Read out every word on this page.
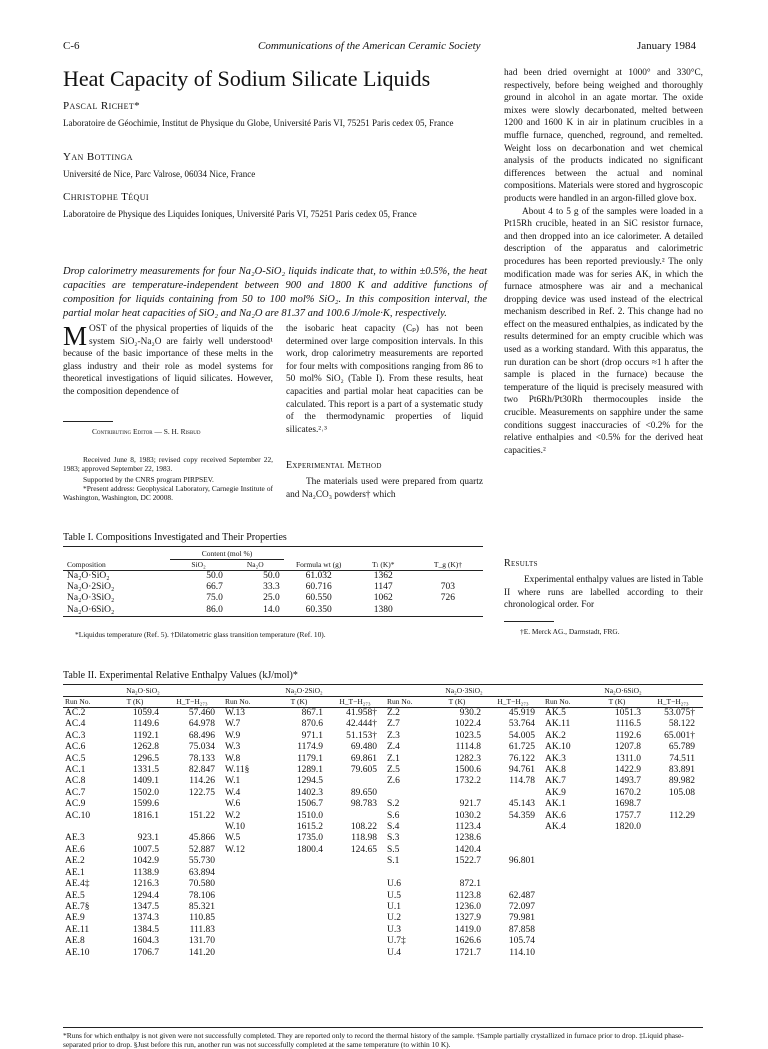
C-6	Communications of the American Ceramic Society	January 1984
Heat Capacity of Sodium Silicate Liquids
Pascal Richet*
Laboratoire de Géochimie, Institut de Physique du Globe, Université Paris VI, 75251 Paris cedex 05, France
Yan Bottinga
Université de Nice, Parc Valrose, 06034 Nice, France
Christophe Téqui
Laboratoire de Physique des Liquides Ioniques, Université Paris VI, 75251 Paris cedex 05, France
Drop calorimetry measurements for four Na₂O-SiO₂ liquids indicate that, to within ±0.5%, the heat capacities are temperature-independent between 900 and 1800 K and additive functions of composition for liquids containing from 50 to 100 mol% SiO₂. In this composition interval, the partial molar heat capacities of SiO₂ and Na₂O are 81.37 and 100.6 J/mole·K, respectively.

MOST of the physical properties of liquids of the system SiO₂-Na₂O are fairly well understood¹ because of the basic importance of these melts in the glass industry and their role as model systems for theoretical investigations of liquid silicates. However, the composition dependence of

Contributing Editor — S. H. Risbud
Received June 8, 1983; revised copy received September 22, 1983; approved September 22, 1983.
Supported by the CNRS program PIRPSEV.
*Present address: Geophysical Laboratory, Carnegie Institute of Washington, Washington, DC 20008.

the isobaric heat capacity (Cₚ) has not been determined over large composition intervals. In this work, drop calorimetry measurements are reported for four melts with compositions ranging from 86 to 50 mol% SiO₂ (Table I). From these results, heat capacities and partial molar heat capacities can be calculated. This report is a part of a systematic study of the thermodynamic properties of liquid silicates.²˒³

Experimental Method
The materials used were prepared from quartz and Na₂CO₃ powders† which

had been dried overnight at 1000° and 330°C, respectively, before being weighed and thoroughly ground in alcohol in an agate mortar. The oxide mixes were slowly decarbonated, melted between 1200 and 1600 K in air in platinum crucibles in a muffle furnace, quenched, reground, and remelted. Weight loss on decarbonation and wet chemical analysis of the products indicated no significant differences between the actual and nominal compositions. Materials were stored and hygroscopic products were handled in an argon-filled glove box.

About 4 to 5 g of the samples were loaded in a Pt15Rh crucible, heated in an SiC resistor furnace, and then dropped into an ice calorimeter. A detailed description of the apparatus and calorimetric procedures has been reported previously.² The only modification made was for series AK, in which the furnace atmosphere was air and a mechanical dropping device was used instead of the electrical mechanism described in Ref. 2. This change had no effect on the measured enthalpies, as indicated by the results determined for an empty crucible which was used as a working standard. With this apparatus, the run duration can be short (drop occurs ≈1 h after the sample is placed in the furnace) because the temperature of the liquid is precisely measured with two Pt6Rh/Pt30Rh thermocouples inside the crucible. Measurements on sapphire under the same conditions suggest inaccuracies of <0.2% for the relative enthalpies and <0.5% for the derived heat capacities.²

Results
Experimental enthalpy values are listed in Table II where runs are labelled according to their chronological order. For
†E. Merck AG., Darmstadt, FRG.
Table I. Compositions Investigated and Their Properties
	Content (mol %)		Formula wt (g)		
Composition	SiO₂	Na₂O		Tₗ (K)*	T_g (K)†
Na₂O·SiO₂	50.0	50.0	61.032	1362	
Na₂O·2SiO₂	66.7	33.3	60.716	1147	703
Na₂O·3SiO₂	75.0	25.0	60.550	1062	726
Na₂O·6SiO₂	86.0	14.0	60.350	1380	
*Liquidus temperature (Ref. 5). †Dilatometric glass transition temperature (Ref. 10).
Table II. Experimental Relative Enthalpy Values (kJ/mol)*
Na₂O·SiO₂			Na₂O·2SiO₂			Na₂O·3SiO₂			Na₂O·6SiO₂		
Run No.	T (K)	H_T−H₂₇₃	Run No.	T (K)	H_T−H₂₇₃	Run No.	T (K)	H_T−H₂₇₃	Run No.	T (K)	H_T−H₂₇₃
AC.2	1059.4	57.460	W.13	867.1	41.958†	Z.2	930.2	45.919	AK.5	1051.3	53.075†
AC.4	1149.6	64.978	W.7	870.6	42.444†	Z.7	1022.4	53.764	AK.11	1116.5	58.122
AC.3	1192.1	68.496	W.9	971.1	51.153†	Z.3	1023.5	54.005	AK.2	1192.6	65.001†
AC.6	1262.8	75.034	W.3	1174.9	69.480	Z.4	1114.8	61.725	AK.10	1207.8	65.789
AC.5	1296.5	78.133	W.8	1179.1	69.861	Z.1	1282.3	76.122	AK.3	1311.0	74.511
AC.1	1331.5	82.847	W.11§	1289.1	79.605	Z.5	1500.6	94.761	AK.8	1422.9	83.891
AC.8	1409.1	114.26	W.1	1294.5		Z.6	1732.2	114.78	AK.7	1493.7	89.982
AC.7	1502.0	122.75	W.4	1402.3	89.650				AK.9	1670.2	105.08
AC.9	1599.6		W.6	1506.7	98.783	S.2	921.7	45.143	AK.1	1698.7	
AC.10	1816.1	151.22	W.2	1510.0		S.6	1030.2	54.359	AK.6	1757.7	112.29
			W.10	1615.2	108.22	S.4	1123.4		AK.4	1820.0	
AE.3	923.1	45.866	W.5	1735.0	118.98	S.3	1238.6				
AE.6	1007.5	52.887	W.12	1800.4	124.65	S.5	1420.4				
AE.2	1042.9	55.730				S.1	1522.7	96.801			
AE.1	1138.9	63.894									
AE.4‡	1216.3	70.580				U.6	872.1				
AE.5	1294.4	78.106				U.5	1123.8	62.487			
AE.7§	1347.5	85.321				U.1	1236.0	72.097			
AE.9	1374.3	110.85				U.2	1327.9	79.981			
AE.11	1384.5	111.83				U.3	1419.0	87.858			
AE.8	1604.3	131.70				U.7‡	1626.6	105.74			
AE.10	1706.7	141.20				U.4	1721.7	114.10			
*Runs for which enthalpy is not given were not successfully completed. They are reported only to record the thermal history of the sample. †Sample partially crystallized in furnace prior to drop. ‡Liquid phase-separated prior to drop. §Just before this run, another run was not successfully completed at the same temperature (to within 10 K).
